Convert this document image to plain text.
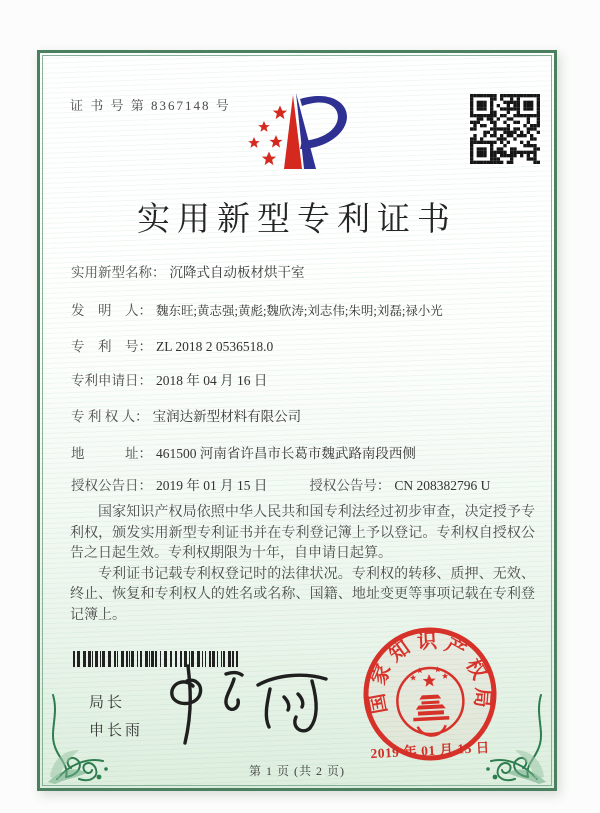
证 书 号 第 8367148 号
实用新型专利证书
实用新型名称： 沉降式自动板材烘干室
发　明　人： 魏东旺;黄志强;黄彪;魏欣涛;刘志伟;朱明;刘磊;禄小光
专　利　号： ZL 2018 2 0536518.0
专利申请日： 2018 年 04 月 16 日
专 利 权 人： 宝润达新型材料有限公司
地　　　址： 461500 河南省许昌市长葛市魏武路南段西侧
授权公告日： 2019 年 01 月 15 日	授权公告号： CN 208382796 U

国家知识产权局依照中华人民共和国专利法经过初步审查，决定授予专利权，颁发实用新型专利证书并在专利登记簿上予以登记。专利权自授权公告之日起生效。专利权期限为十年，自申请日起算。

专利证书记载专利权登记时的法律状况。专利权的转移、质押、无效、终止、恢复和专利权人的姓名或名称、国籍、地址变更等事项记载在专利登记簿上。

局长
申长雨
国家知识产权局
2019 年 01 月 15 日
第 1 页 (共 2 页)
